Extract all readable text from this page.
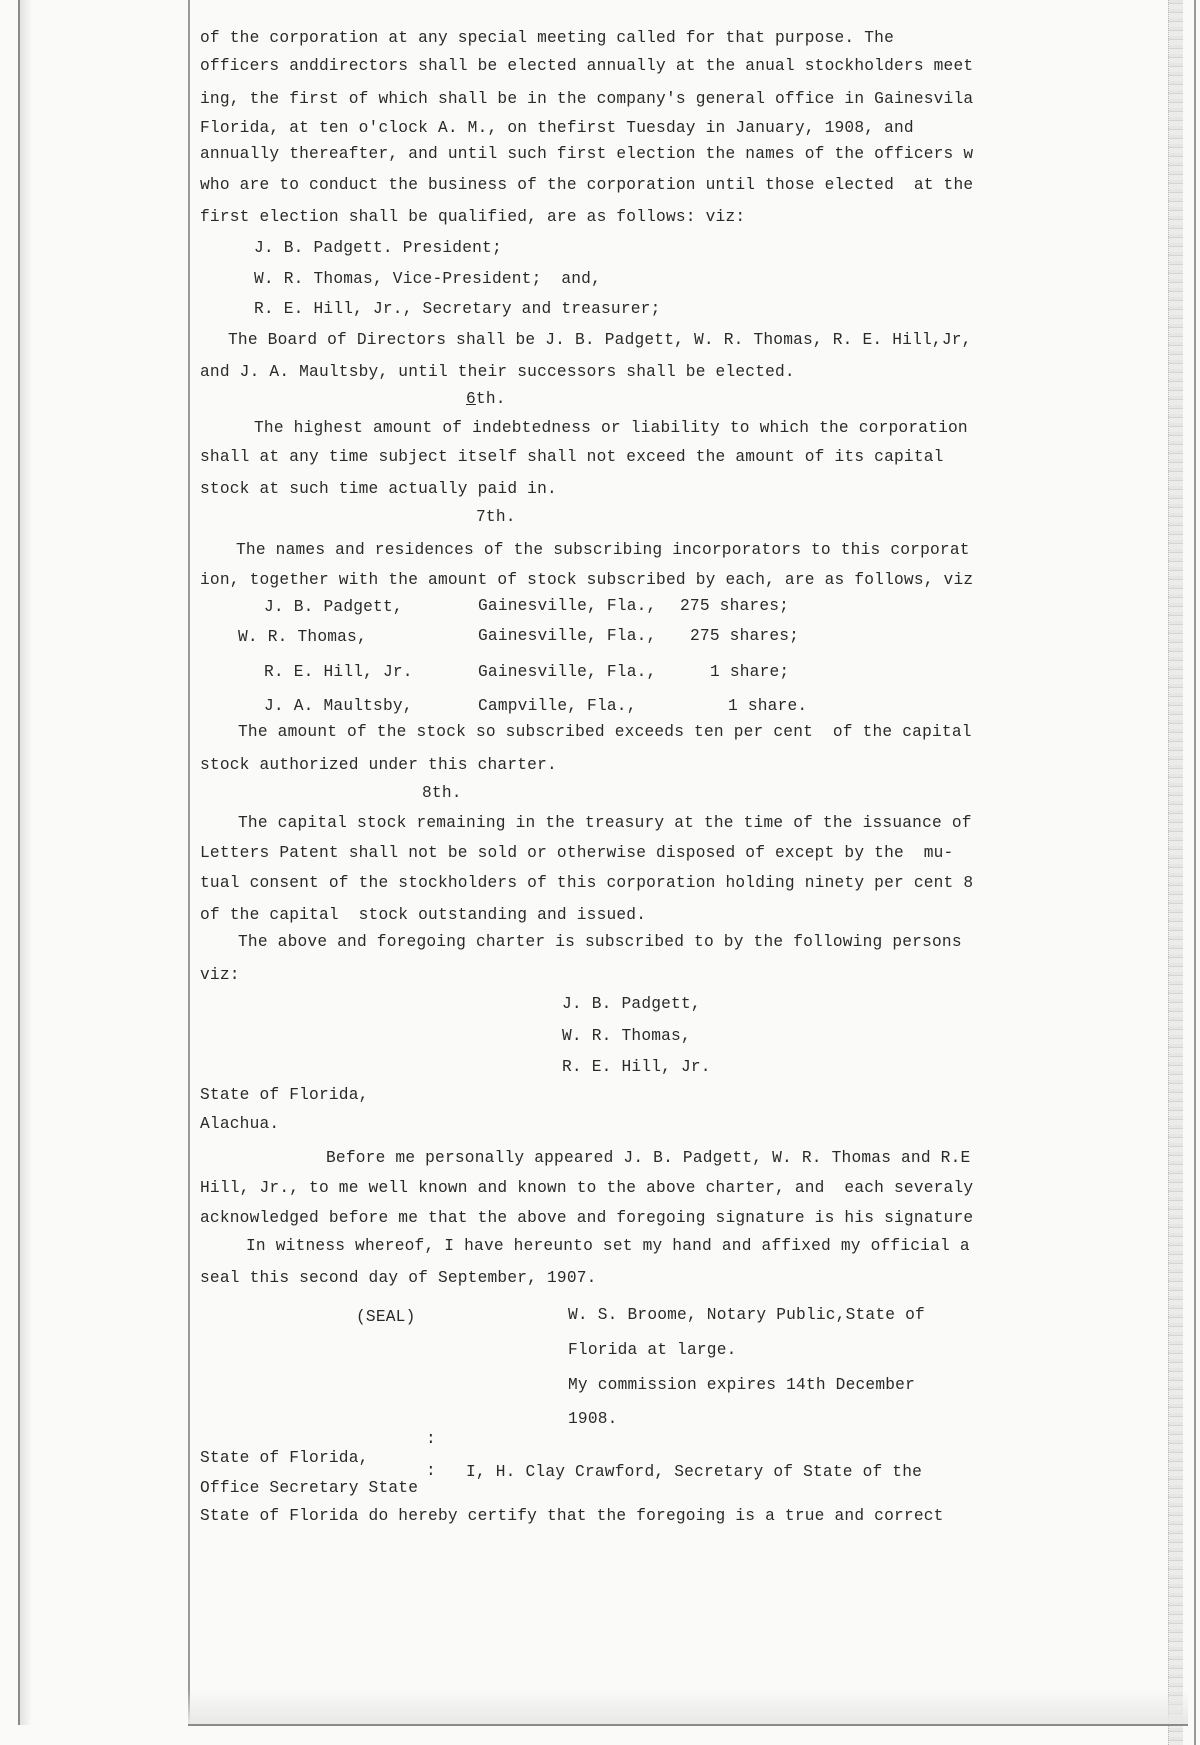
of the corporation at any special meeting called for that purpose. The
officers anddirectors shall be elected annually at the anual stockholders meet
ing, the first of which shall be in the company's general office in Gainesvila
Florida, at ten o'clock A. M., on thefirst Tuesday in January, 1908, and
annually thereafter, and until such first election the names of the officers w
who are to conduct the business of the corporation until those elected  at the
first election shall be qualified, are as follows: viz:
J. B. Padgett. President;
W. R. Thomas, Vice-President;  and,
R. E. Hill, Jr., Secretary and treasurer;
The Board of Directors shall be J. B. Padgett, W. R. Thomas, R. E. Hill,Jr,
and J. A. Maultsby, until their successors shall be elected.
6th.
The highest amount of indebtedness or liability to which the corporation
shall at any time subject itself shall not exceed the amount of its capital
stock at such time actually paid in.
7th.
The names and residences of the subscribing incorporators to this corporat
ion, together with the amount of stock subscribed by each, are as follows, viz
J. B. Padgett,	Gainesville, Fla., 275 shares;
W. R. Thomas,	Gainesville, Fla., 275 shares;
R. E. Hill, Jr.	Gainesville, Fla.,	1 share;
J. A. Maultsby,	Campville, Fla.,	1 share.
The amount of the stock so subscribed exceeds ten per cent  of the capital
stock authorized under this charter.
8th.
The capital stock remaining in the treasury at the time of the issuance of
Letters Patent shall not be sold or otherwise disposed of except by the  mu-
tual consent of the stockholders of this corporation holding ninety per cent 8
of the capital  stock outstanding and issued.
The above and foregoing charter is subscribed to by the following persons
viz:
J. B. Padgett,
W. R. Thomas,
R. E. Hill, Jr.
State of Florida,
Alachua.
Before me personally appeared J. B. Padgett, W. R. Thomas and R.E
Hill, Jr., to me well known and known to the above charter, and  each severaly
acknowledged before me that the above and foregoing signature is his signature
In witness whereof, I have hereunto set my hand and affixed my official a
seal this second day of September, 1907.
(SEAL)	W. S. Broome, Notary Public,State of
Florida at large.
My commission expires 14th December
1908.
:
State of Florida,
: I, H. Clay Crawford, Secretary of State of the
Office Secretary State
State of Florida do hereby certify that the foregoing is a true and correct
